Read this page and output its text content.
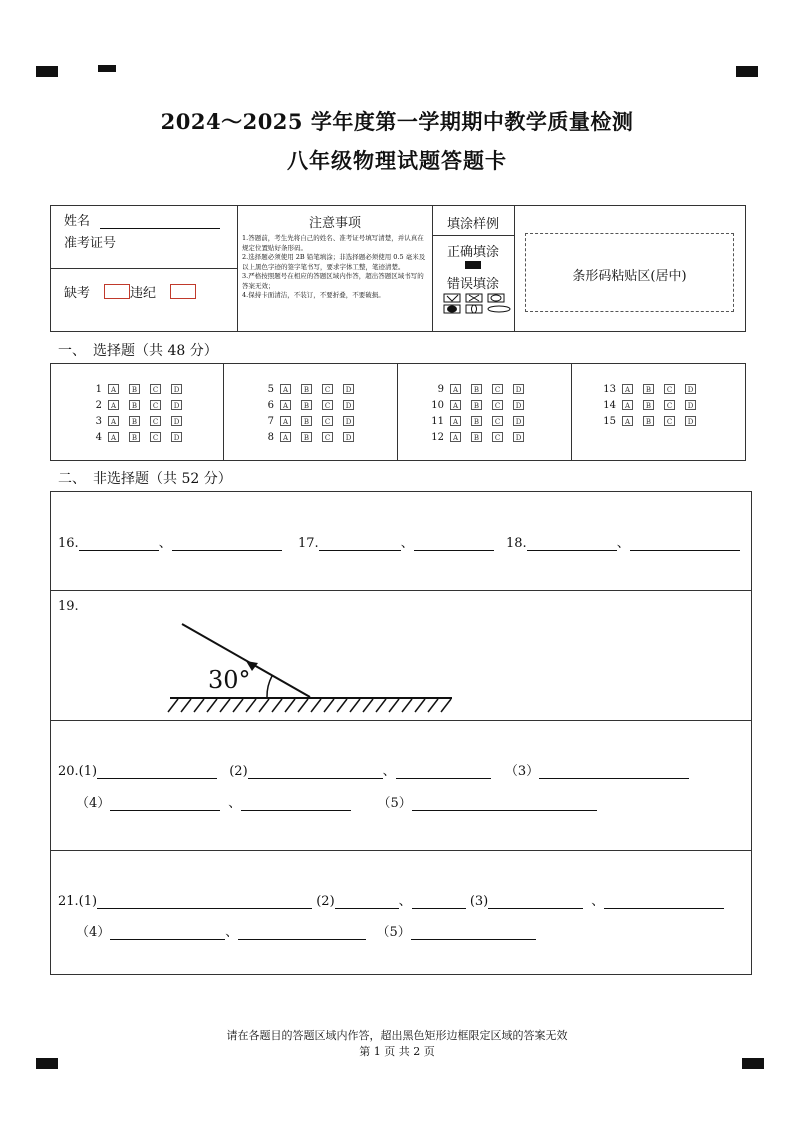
2024～2025 学年度第一学期期中教学质量检测
八年级物理试题答题卡
姓名
准考证号
缺考	违纪
注意事项
1.答题前，考生先将自己的姓名、准考证号填写清楚，并认真在规定位置贴好条形码。
2.选择题必须使用 2B 铅笔填涂；非选择题必须使用 0.5 毫米及以上黑色字迹的签字笔书写，要求字体工整，笔迹清楚。
3.严格按照题号在相应的答题区域内作答，超出答题区域书写的答案无效；
4.保持卡面清洁，不装订，不要折叠，不要破损。
填涂样例
正确填涂
错误填涂
条形码粘贴区(居中)
一、　选择题（共 48 分）
1	A	B	C	D
2	A	B	C	D
3	A	B	C	D
4	A	B	C	D
5	A	B	C	D
6	A	B	C	D
7	A	B	C	D
8	A	B	C	D
9	A	B	C	D
10	A	B	C	D
11	A	B	C	D
12	A	B	C	D
13	A	B	C	D
14	A	B	C	D
15	A	B	C	D
二、　非选择题（共 52 分）
16.	、	17.	、	18.	、
19.
30°
20.(1)	(2)	、	（3）
（4）	、	（5）
21.(1)	(2)	、	(3)	、
（4）	、	（5）
请在各题目的答题区域内作答，超出黑色矩形边框限定区域的答案无效
第 1 页 共 2 页
